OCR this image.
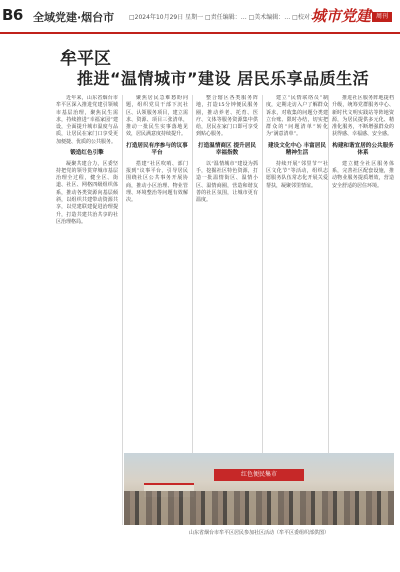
B6 全域党建·烟台市 □2024年10月29日 星期一 □责任编辑：… □美术编辑：… □校对：…
城市党建 周刊
牟平区
推进“温情城市”建设 居民乐享品质生活

近年来，山东省烟台市牟平区深入推进党建引领城市基层治理，聚焦民生需求，持续推进“幸福家园”建设，全面提升城市温度与品质，让居民在家门口享受更加便捷、优质的公共服务。

锻造红色引擎

凝聚共建合力，区委坚持把党的领导贯穿城市基层治理全过程，健全区、街道、社区、网格四级组织体系，推动各类资源向基层倾斜，以组织共建带动资源共享，以党建联建促进治理提升，打造共建共治共享的社区治理格局。

聚焦居民急难愁盼问题，组织党员干部下沉社区、认领服务项目，建立需求、资源、项目三张清单，推动一批民生实事落地见效，居民满意度持续提升。

打造居民有序参与的议事平台

搭建“社区吹哨、部门报到”议事平台，引导居民围绕社区公共事务开展协商，推动小区治理、物业管理、环境整治等问题有效解决。

整合辖区各类服务阵地，打造15分钟便民服务圈，推动养老、托育、医疗、文体等服务资源集中供给，居民在家门口即可享受到贴心服务。

打造温情商区 提升居民幸福指数

以“温情城市”建设为抓手，挖掘社区特色资源，打造一批温情街区、温情小区、温情商圈，营造和谐友善的社区氛围，让城市更有温度。

建立“民情联络员”制度，定期走访入户了解群众诉求，对收集的问题分类建立台账、限时办结，切实把群众的“问题清单”转化为“满意清单”。

建设文化中心 丰富居民精神生活

持续开展“邻里节”“社区文化节”等活动，组织志愿服务队伍常态化开展关爱帮扶，凝聚邻里情谊。

推进社区服务阵地提档升级，统筹党群服务中心、新时代文明实践站等阵地资源，为居民提供多元化、精准化服务，不断增强群众的获得感、幸福感、安全感。

构建和谐宜居的公共服务体系

建立健全社区服务体系，完善社区配套设施，推动物业服务提质增效，营造安全舒适的居住环境。

红色便民集市
山东省烟台市牟平区居民参加社区活动（牟平区委组织部供图）
